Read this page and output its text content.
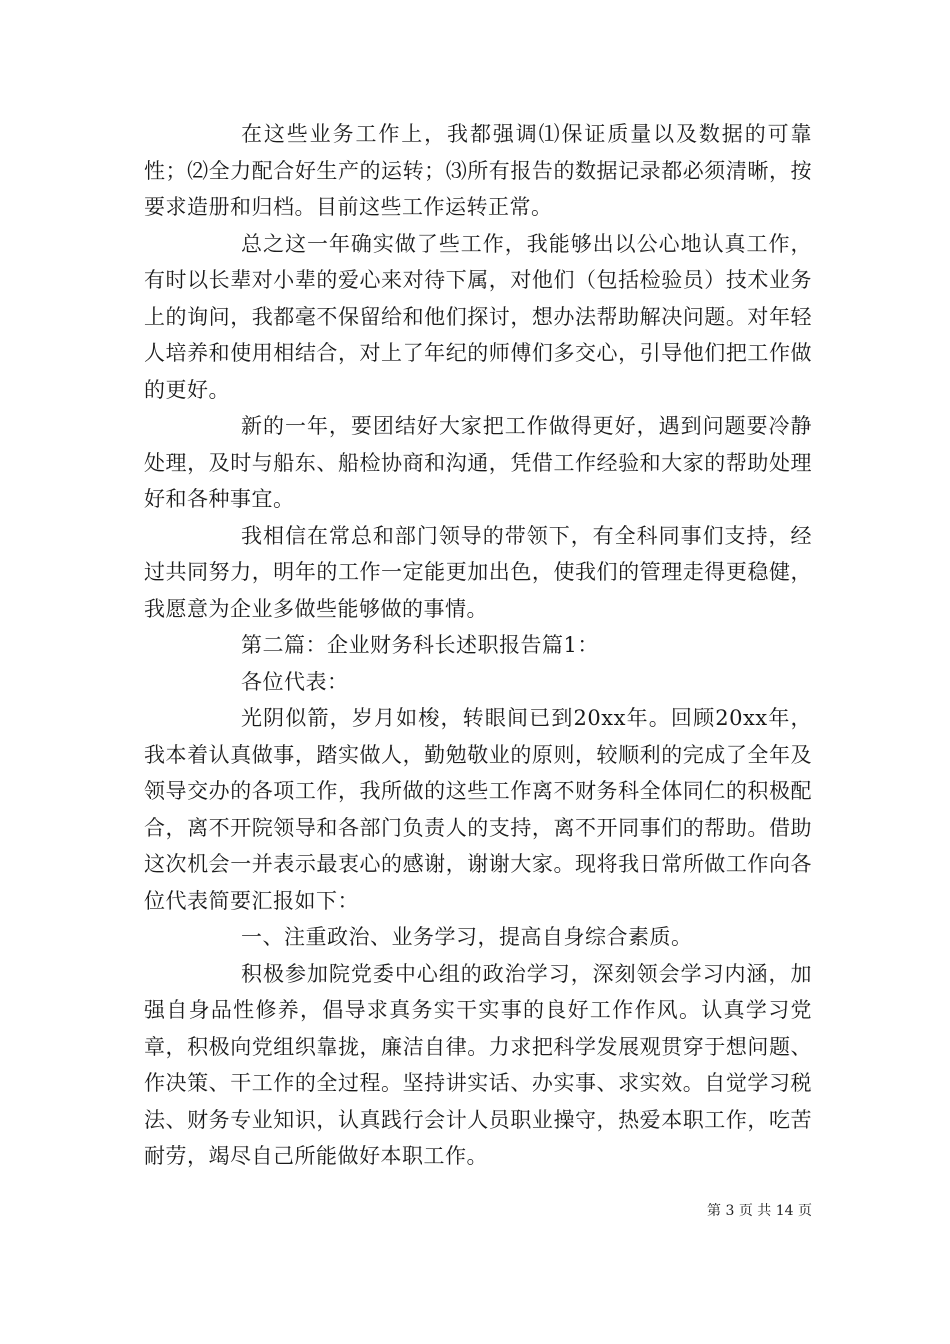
在这些业务工作上，我都强调⑴保证质量以及数据的可靠性；⑵全力配合好生产的运转；⑶所有报告的数据记录都必须清晰，按要求造册和归档。目前这些工作运转正常。

总之这一年确实做了些工作，我能够出以公心地认真工作，有时以长辈对小辈的爱心来对待下属，对他们（包括检验员）技术业务上的询问，我都毫不保留给和他们探讨，想办法帮助解决问题。对年轻人培养和使用相结合，对上了年纪的师傅们多交心，引导他们把工作做的更好。

新的一年，要团结好大家把工作做得更好，遇到问题要冷静处理，及时与船东、船检协商和沟通，凭借工作经验和大家的帮助处理好和各种事宜。

我相信在常总和部门领导的带领下，有全科同事们支持，经过共同努力，明年的工作一定能更加出色，使我们的管理走得更稳健，我愿意为企业多做些能够做的事情。

第二篇：企业财务科长述职报告篇1：

各位代表：

光阴似箭，岁月如梭，转眼间已到20xx年。回顾20xx年，我本着认真做事，踏实做人，勤勉敬业的原则，较顺利的完成了全年及领导交办的各项工作，我所做的这些工作离不财务科全体同仁的积极配合，离不开院领导和各部门负责人的支持，离不开同事们的帮助。借助这次机会一并表示最衷心的感谢，谢谢大家。现将我日常所做工作向各位代表简要汇报如下：

一、注重政治、业务学习，提高自身综合素质。

积极参加院党委中心组的政治学习，深刻领会学习内涵，加强自身品性修养，倡导求真务实干实事的良好工作作风。认真学习党章，积极向党组织靠拢，廉洁自律。力求把科学发展观贯穿于想问题、作决策、干工作的全过程。坚持讲实话、办实事、求实效。自觉学习税法、财务专业知识，认真践行会计人员职业操守，热爱本职工作，吃苦耐劳，竭尽自己所能做好本职工作。

第 3 页 共 14 页
